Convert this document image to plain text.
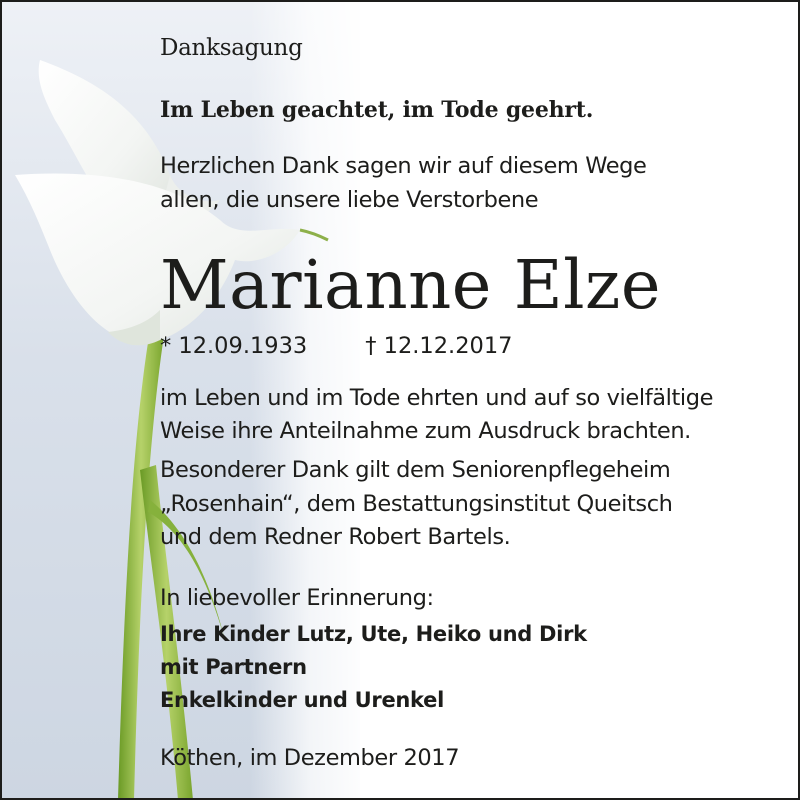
Danksagung

Im Leben geachtet, im Tode geehrt.

Herzlichen Dank sagen wir auf diesem Wege

allen, die unsere liebe Verstorbene

Marianne Elze

* 12.09.1933	† 12.12.2017

im Leben und im Tode ehrten und auf so vielfältige

Weise ihre Anteilnahme zum Ausdruck brachten.

Besonderer Dank gilt dem Seniorenpflegeheim

„Rosenhain“, dem Bestattungsinstitut Queitsch

und dem Redner Robert Bartels.

In liebevoller Erinnerung:

Ihre Kinder Lutz, Ute, Heiko und Dirk

mit Partnern

Enkelkinder und Urenkel

Köthen, im Dezember 2017
